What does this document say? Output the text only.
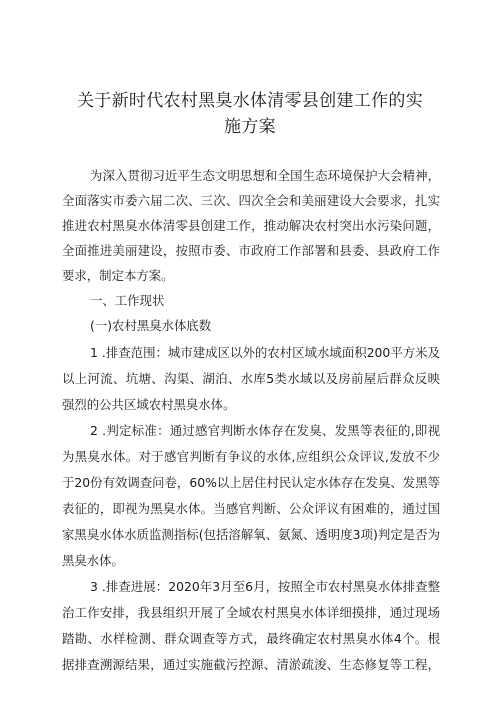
关于新时代农村黑臭水体清零县创建工作的实
施方案
为深入贯彻习近平生态文明思想和全国生态环境保护大会精神，
全面落实市委六届二次、三次、四次全会和美丽建设大会要求，扎实
推进农村黑臭水体清零县创建工作，推动解决农村突出水污染问题，
全面推进美丽建设，按照市委、市政府工作部署和县委、县政府工作
要求，制定本方案。
一、工作现状
(一)农村黑臭水体底数
1 .排查范围：城市建成区以外的农村区域水域面积200平方米及
以上河流、坑塘、沟渠、湖泊、水库5类水域以及房前屋后群众反映
强烈的公共区域农村黑臭水体。
2 .判定标准：通过感官判断水体存在发臭、发黑等表征的,即视
为黑臭水体。对于感官判断有争议的水体,应组织公众评议,发放不少
于20份有效调查问卷，60%以上居住村民认定水体存在发臭、发黑等
表征的，即视为黑臭水体。当感官判断、公众评议有困难的，通过国
家黑臭水体水质监测指标(包括溶解氧、氨氮、透明度3项)判定是否为
黑臭水体。
3 .排查进展：2020年3月至6月，按照全市农村黑臭水体排查整
治工作安排，我县组织开展了全域农村黑臭水体详细摸排，通过现场
踏勘、水样检测、群众调查等方式，最终确定农村黑臭水体4个。根
据排查溯源结果，通过实施截污控源、清淤疏浚、生态修复等工程，
